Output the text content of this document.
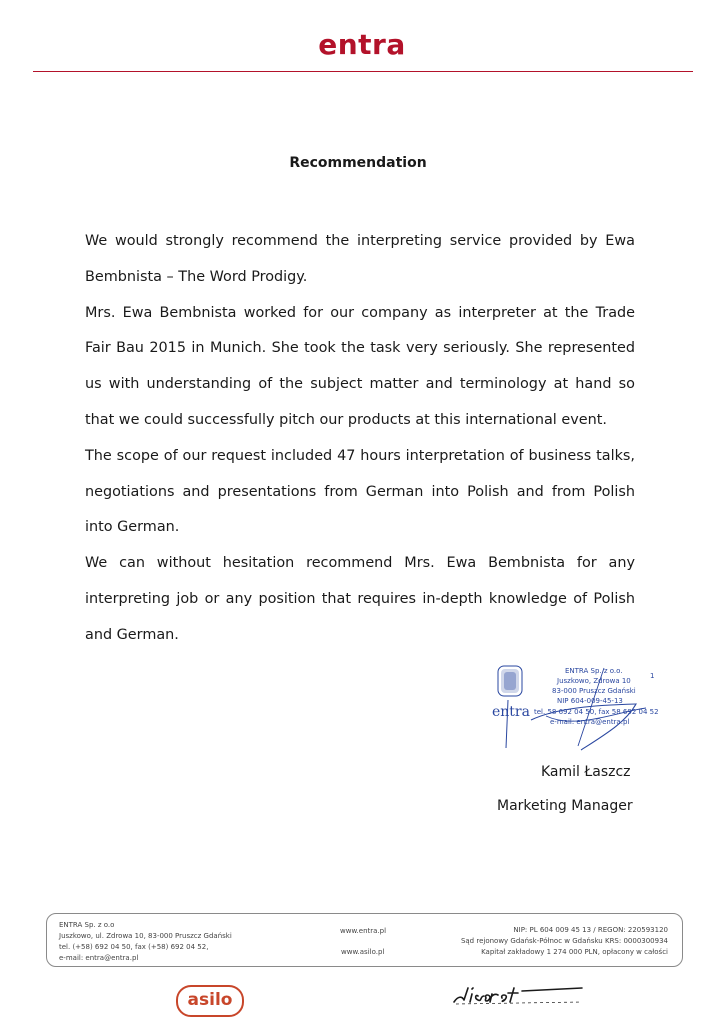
entra
Recommendation

We would strongly recommend the interpreting service provided by Ewa Bembnista – The Word Prodigy.

Mrs. Ewa Bembnista worked for our company as interpreter at the Trade Fair Bau 2015 in Munich. She took the task very seriously. She represented us with understanding of the subject matter and terminology at hand so that we could successfully pitch our products at this international event.

The scope of our request included 47 hours interpretation of business talks, negotiations and presentations from German into Polish and from Polish into German.

We can without hesitation recommend Mrs. Ewa Bembnista for any interpreting job or any position that requires in-depth knowledge of Polish and German.

entra
ENTRA Sp. z o.o.
Juszkowo, Zdrowa 10
83-000 Pruszcz Gdański
NIP 604-009-45-13
tel. 58 692 04 50, fax 58 692 04 52
e-mail: entra@entra.pl
1
Kamil Łaszcz
Marketing Manager
ENTRA Sp. z o.o
Juszkowo, ul. Zdrowa 10, 83-000 Pruszcz Gdański
tel. (+58) 692 04 50, fax (+58) 692 04 52,
e-mail: entra@entra.pl
www.entra.pl
www.asilo.pl
NIP: PL 604 009 45 13 / REGON: 220593120
Sąd rejonowy Gdańsk-Północ w Gdańsku KRS: 0000300934
Kapitał zakładowy 1 274 000 PLN, opłacony w całości
asilo
